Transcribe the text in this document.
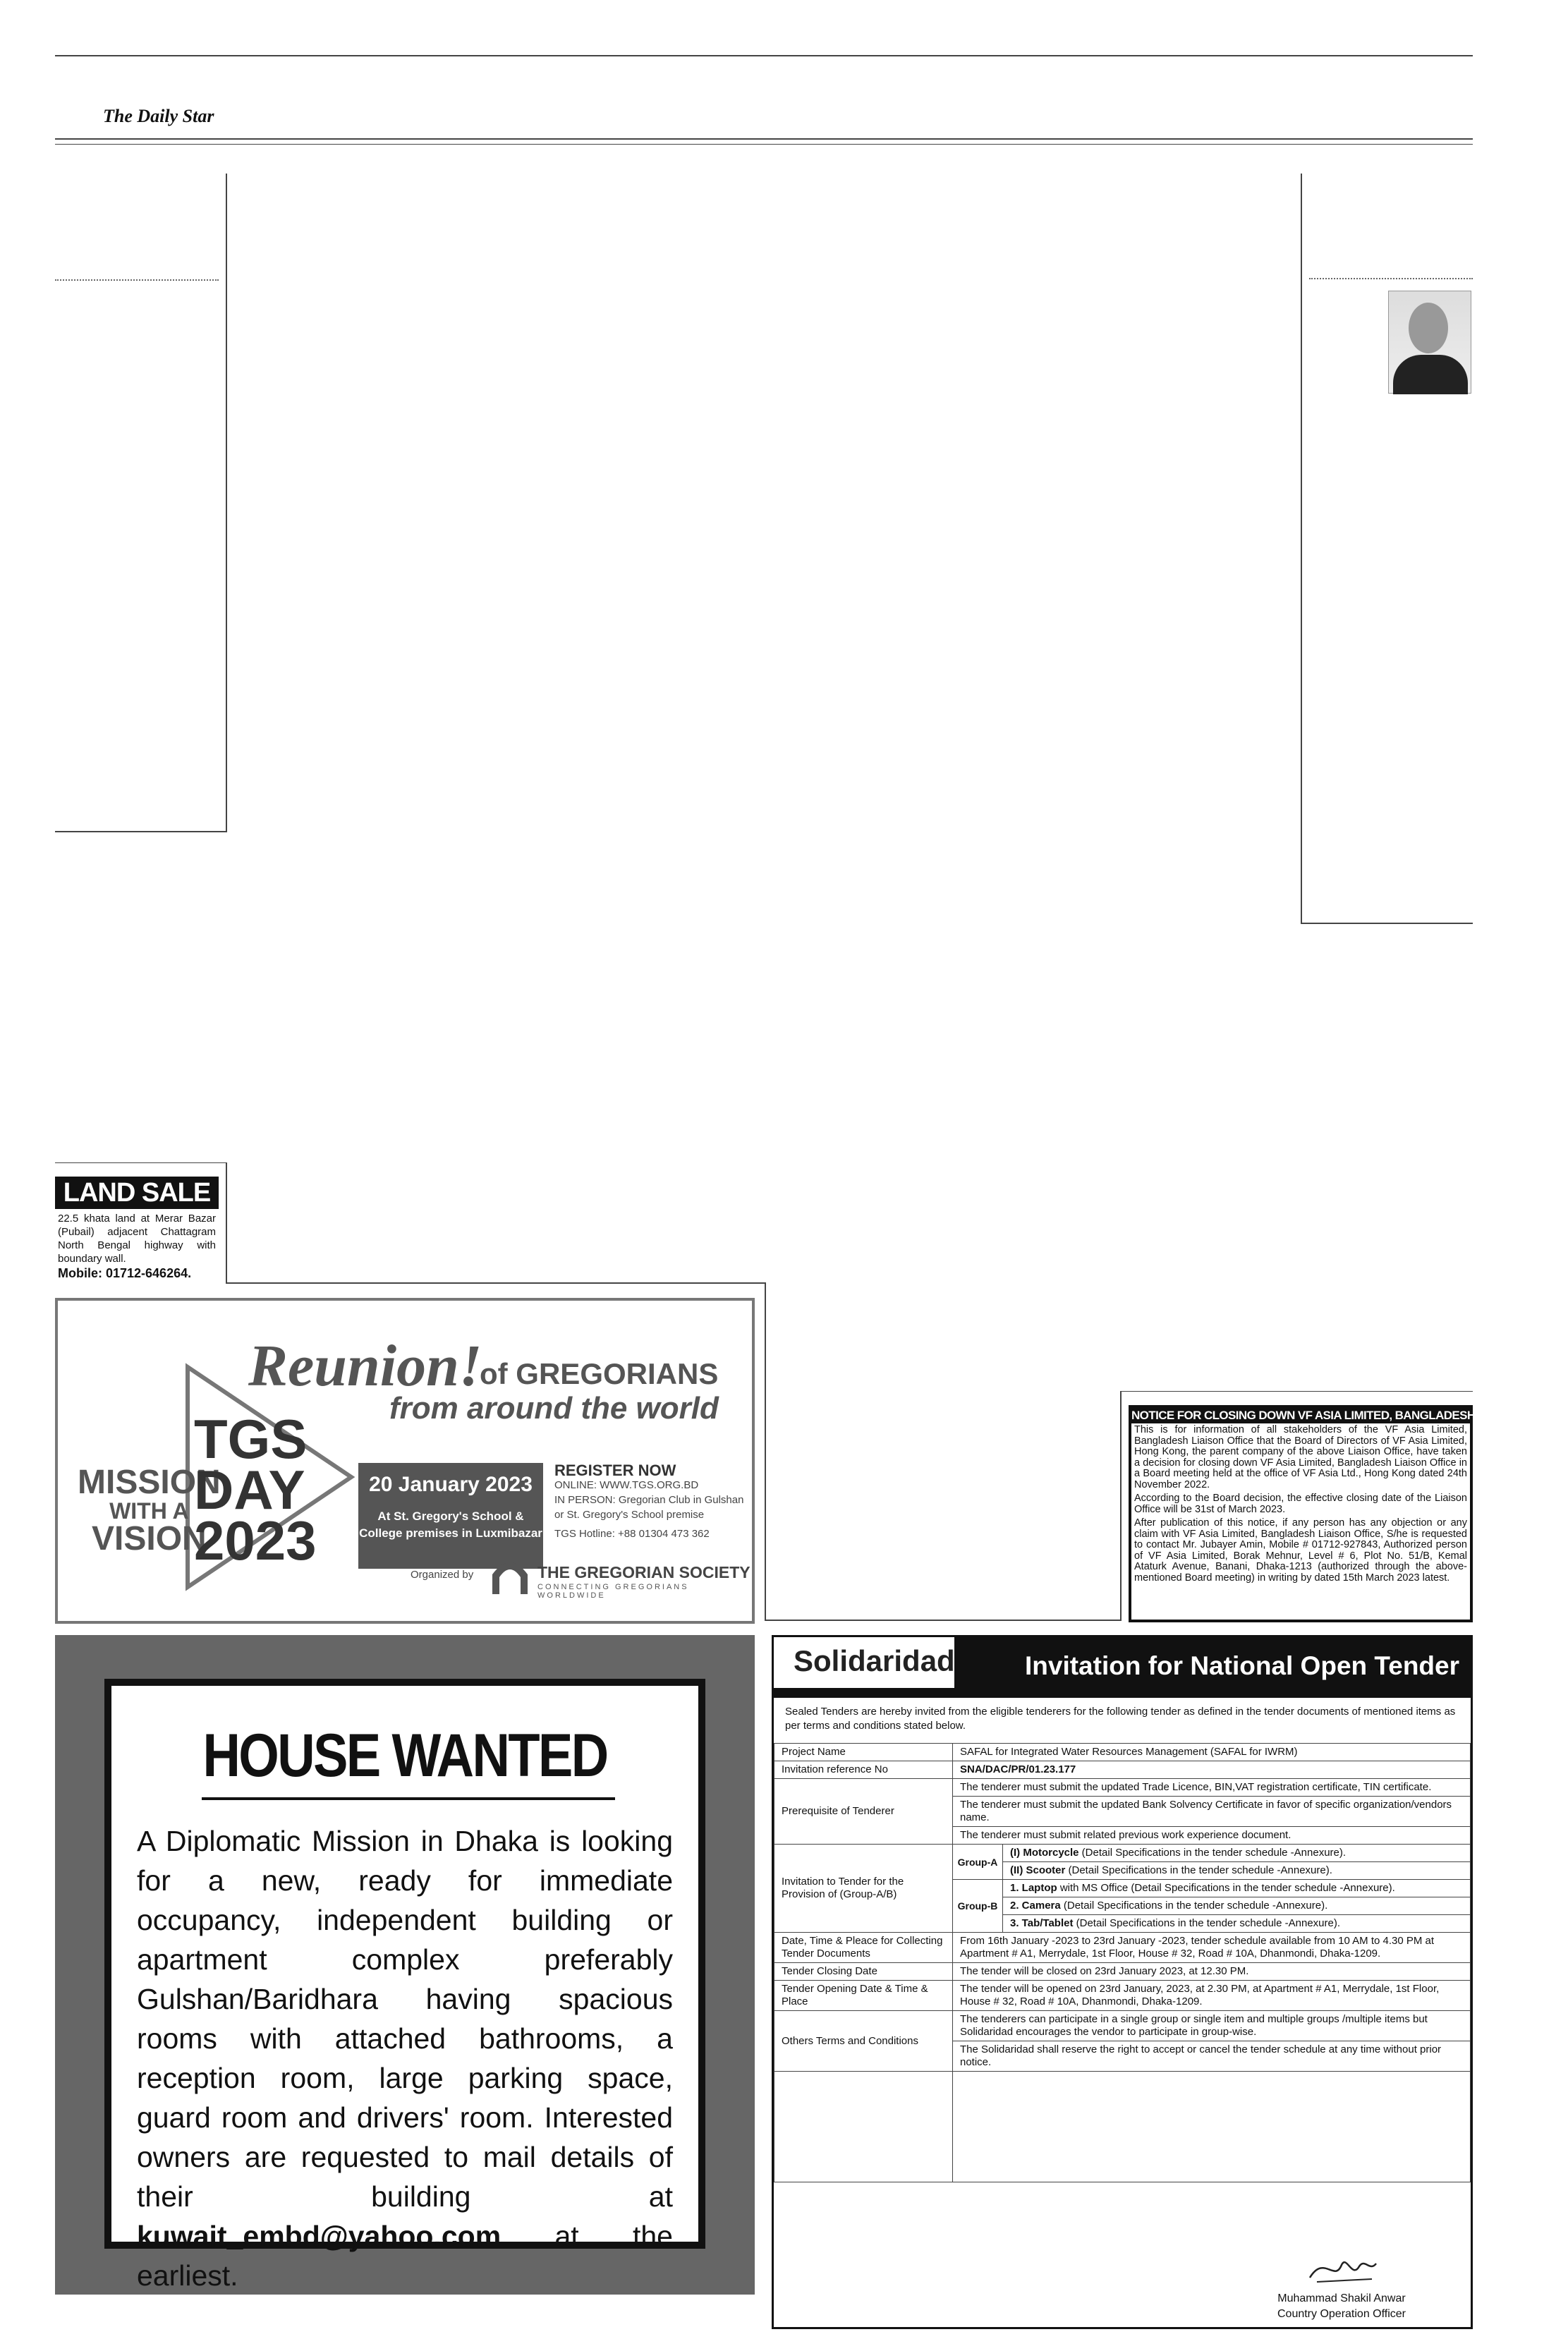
The Daily Star
LAND SALE
22.5 khata land at Merar Bazar (Pubail) adjacent Chattagram North Bengal highway with boundary wall.
Mobile: 01712-646264.
Reunion!
of GREGORIANS
from around the world
MISSION
WITH A
VISION
TGS
DAY
2023
20 January 2023
At St. Gregory's School & College premises in Luxmibazar
REGISTER NOW
ONLINE: WWW.TGS.ORG.BD
IN PERSON: Gregorian Club in Gulshan or St. Gregory's School premise
TGS Hotline: +88 01304 473 362
Organized by	THE GREGORIAN SOCIETY
CONNECTING GREGORIANS WORLDWIDE
NOTICE FOR CLOSING DOWN VF ASIA LIMITED, BANGLADESH LIAISON OFFICE

This is for information of all stakeholders of the VF Asia Limited, Bangladesh Liaison Office that the Board of Directors of VF Asia Limited, Hong Kong, the parent company of the above Liaison Office, have taken a decision for closing down VF Asia Limited, Bangladesh Liaison Office in a Board meeting held at the office of VF Asia Ltd., Hong Kong dated 24th November 2022.

According to the Board decision, the effective closing date of the Liaison Office will be 31st of March 2023.

After publication of this notice, if any person has any objection or any claim with VF Asia Limited, Bangladesh Liaison Office, S/he is requested to contact Mr. Jubayer Amin, Mobile # 01712-927843, Authorized person of VF Asia Limited, Borak Mehnur, Level # 6, Plot No. 51/B, Kemal Ataturk Avenue, Banani, Dhaka-1213 (authorized through the above-mentioned Board meeting) in writing by dated 15th March 2023 latest.

HOUSE WANTED
A Diplomatic Mission in Dhaka is looking for a new, ready for immediate occupancy, independent building or apartment complex preferably Gulshan/Baridhara having spacious rooms with attached bathrooms, a reception room, large parking space, guard room and drivers' room. Interested owners are requested to mail details of their building at kuwait_embd@yahoo.com at the earliest.
Solidaridad	Invitation for National Open Tender
Sealed Tenders are hereby invited from the eligible tenderers for the following tender as defined in the tender documents of mentioned items as per terms and conditions stated below.
Project Name	SAFAL for Integrated Water Resources Management (SAFAL for IWRM)	
Invitation reference No	SNA/DAC/PR/01.23.177	
Prerequisite of Tenderer	The tenderer must submit the updated Trade Licence, BIN,VAT registration certificate, TIN certificate.	
	The tenderer must submit the updated Bank Solvency Certificate in favor of specific organization/vendors name.	
	The tenderer must submit related previous work experience document.	
Invitation to Tender for the Provision of (Group-A/B)	Group-A	(I) Motorcycle (Detail Specifications in the tender schedule -Annexure).
		(II) Scooter (Detail Specifications in the tender schedule -Annexure).
	Group-B	1. Laptop with MS Office (Detail Specifications in the tender schedule -Annexure).
		2. Camera (Detail Specifications in the tender schedule -Annexure).
		3. Tab/Tablet (Detail Specifications in the tender schedule -Annexure).
Date, Time & Pleace for Collecting Tender Documents	From 16th January -2023 to 23rd January -2023, tender schedule available from 10 AM to 4.30 PM at Apartment # A1, Merrydale, 1st Floor, House # 32, Road # 10A, Dhanmondi, Dhaka-1209.	
Tender Closing Date	The tender will be closed on 23rd January 2023, at 12.30 PM.	
Tender Opening Date & Time & Place	The tender will be opened on 23rd January, 2023, at 2.30 PM, at Apartment # A1, Merrydale, 1st Floor, House # 32, Road # 10A, Dhanmondi, Dhaka-1209.	
Others Terms and Conditions	The tenderers can participate in a single group or single item and multiple groups /multiple items but Solidaridad encourages the vendor to participate in group-wise.	
	The Solidaridad shall reserve the right to accept or cancel the tender schedule at any time without prior notice.	

Muhammad Shakil Anwar
Country Operation Officer
